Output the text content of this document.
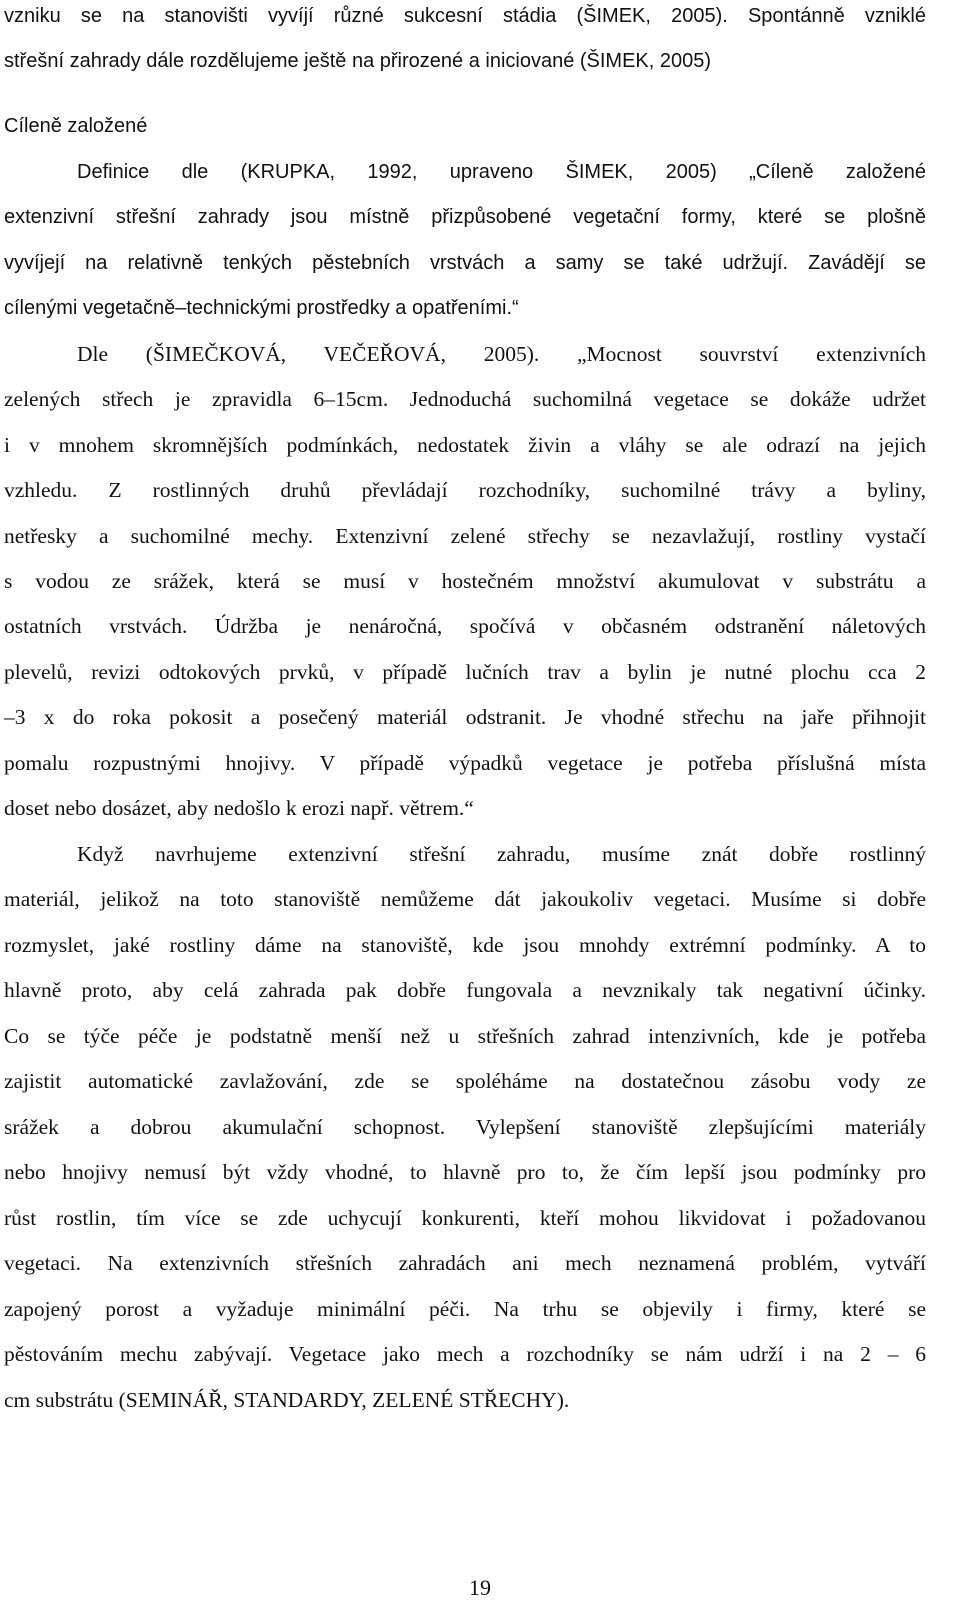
vzniku se na stanovišti vyvíjí různé sukcesní stádia (ŠIMEK, 2005). Spontánně vzniklé
střešní zahrady dále rozdělujeme ještě na přirozené a iniciované (ŠIMEK, 2005)
Cíleně založené
Definice dle (KRUPKA, 1992, upraveno ŠIMEK, 2005) „Cíleně založené
extenzivní střešní zahrady jsou místně přizpůsobené vegetační formy, které se plošně
vyvíjejí na relativně tenkých pěstebních vrstvách a samy se také udržují. Zavádějí se
cílenými vegetačně–technickými prostředky a opatřeními.“
Dle (ŠIMEČKOVÁ, VEČEŘOVÁ, 2005). „Mocnost souvrství extenzivních
zelených střech je zpravidla 6–15cm. Jednoduchá suchomilná vegetace se dokáže udržet
i v mnohem skromnějších podmínkách, nedostatek živin a vláhy se ale odrazí na jejich
vzhledu. Z rostlinných druhů převládají rozchodníky, suchomilné trávy a byliny,
netřesky a suchomilné mechy. Extenzivní zelené střechy se nezavlažují, rostliny vystačí
s vodou ze srážek, která se musí v hostečném množství akumulovat v substrátu a
ostatních vrstvách. Údržba je nenáročná, spočívá v občasném odstranění náletových
plevelů, revizi odtokových prvků, v případě lučních trav a bylin je nutné plochu cca 2
–3 x do roka pokosit a posečený materiál odstranit. Je vhodné střechu na jaře přihnojit
pomalu rozpustnými hnojivy. V případě výpadků vegetace je potřeba příslušná místa
doset nebo dosázet, aby nedošlo k erozi např. větrem.“
Když navrhujeme extenzivní střešní zahradu, musíme znát dobře rostlinný
materiál, jelikož na toto stanoviště nemůžeme dát jakoukoliv vegetaci. Musíme si dobře
rozmyslet, jaké rostliny dáme na stanoviště, kde jsou mnohdy extrémní podmínky. A to
hlavně proto, aby celá zahrada pak dobře fungovala a nevznikaly tak negativní účinky.
Co se týče péče je podstatně menší než u střešních zahrad intenzivních, kde je potřeba
zajistit automatické zavlažování, zde se spoléháme na dostatečnou zásobu vody ze
srážek a dobrou akumulační schopnost. Vylepšení stanoviště zlepšujícími materiály
nebo hnojivy nemusí být vždy vhodné, to hlavně pro to, že čím lepší jsou podmínky pro
růst rostlin, tím více se zde uchycují konkurenti, kteří mohou likvidovat i požadovanou
vegetaci. Na extenzivních střešních zahradách ani mech neznamená problém, vytváří
zapojený porost a vyžaduje minimální péči. Na trhu se objevily i firmy, které se
pěstováním mechu zabývají. Vegetace jako mech a rozchodníky se nám udrží i na 2 – 6
cm substrátu (SEMINÁŘ, STANDARDY, ZELENÉ STŘECHY).
19
